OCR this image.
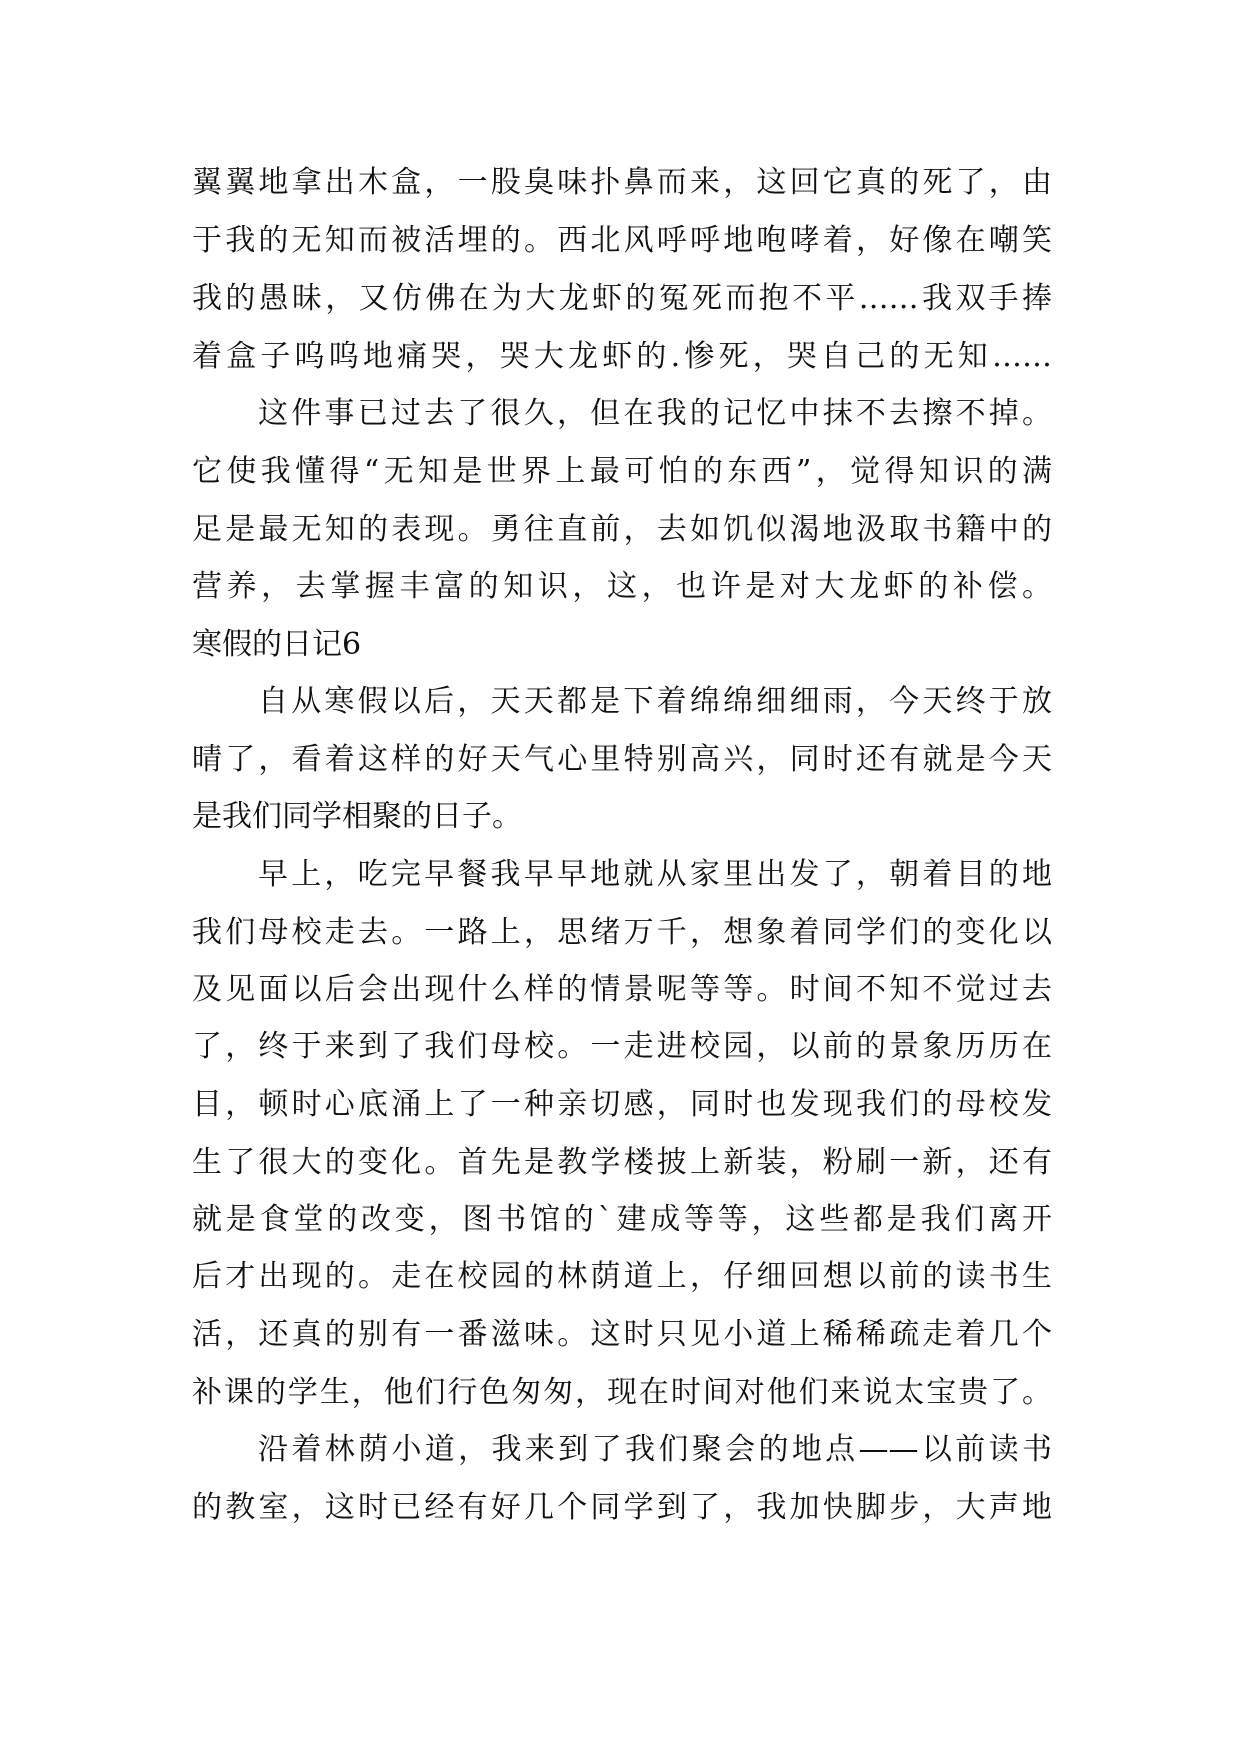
翼翼地拿出木盒，一股臭味扑鼻而来，这回它真的死了，由
于我的无知而被活埋的。西北风呼呼地咆哮着，好像在嘲笑
我的愚昧，又仿佛在为大龙虾的冤死而抱不平……我双手捧
着盒子呜呜地痛哭，哭大龙虾的.惨死，哭自己的无知……
这件事已过去了很久，但在我的记忆中抹不去擦不掉。
它使我懂得“无知是世界上最可怕的东西”，觉得知识的满
足是最无知的表现。勇往直前，去如饥似渴地汲取书籍中的
营养，去掌握丰富的知识，这，也许是对大龙虾的补偿。
寒假的日记6
自从寒假以后，天天都是下着绵绵细细雨，今天终于放
晴了，看着这样的好天气心里特别高兴，同时还有就是今天
是我们同学相聚的日子。
早上，吃完早餐我早早地就从家里出发了，朝着目的地
我们母校走去。一路上，思绪万千，想象着同学们的变化以
及见面以后会出现什么样的情景呢等等。时间不知不觉过去
了，终于来到了我们母校。一走进校园，以前的景象历历在
目，顿时心底涌上了一种亲切感，同时也发现我们的母校发
生了很大的变化。首先是教学楼披上新装，粉刷一新，还有
就是食堂的改变，图书馆的`建成等等，这些都是我们离开
后才出现的。走在校园的林荫道上，仔细回想以前的读书生
活，还真的别有一番滋味。这时只见小道上稀稀疏走着几个
补课的学生，他们行色匆匆，现在时间对他们来说太宝贵了。
沿着林荫小道，我来到了我们聚会的地点——以前读书
的教室，这时已经有好几个同学到了，我加快脚步，大声地
